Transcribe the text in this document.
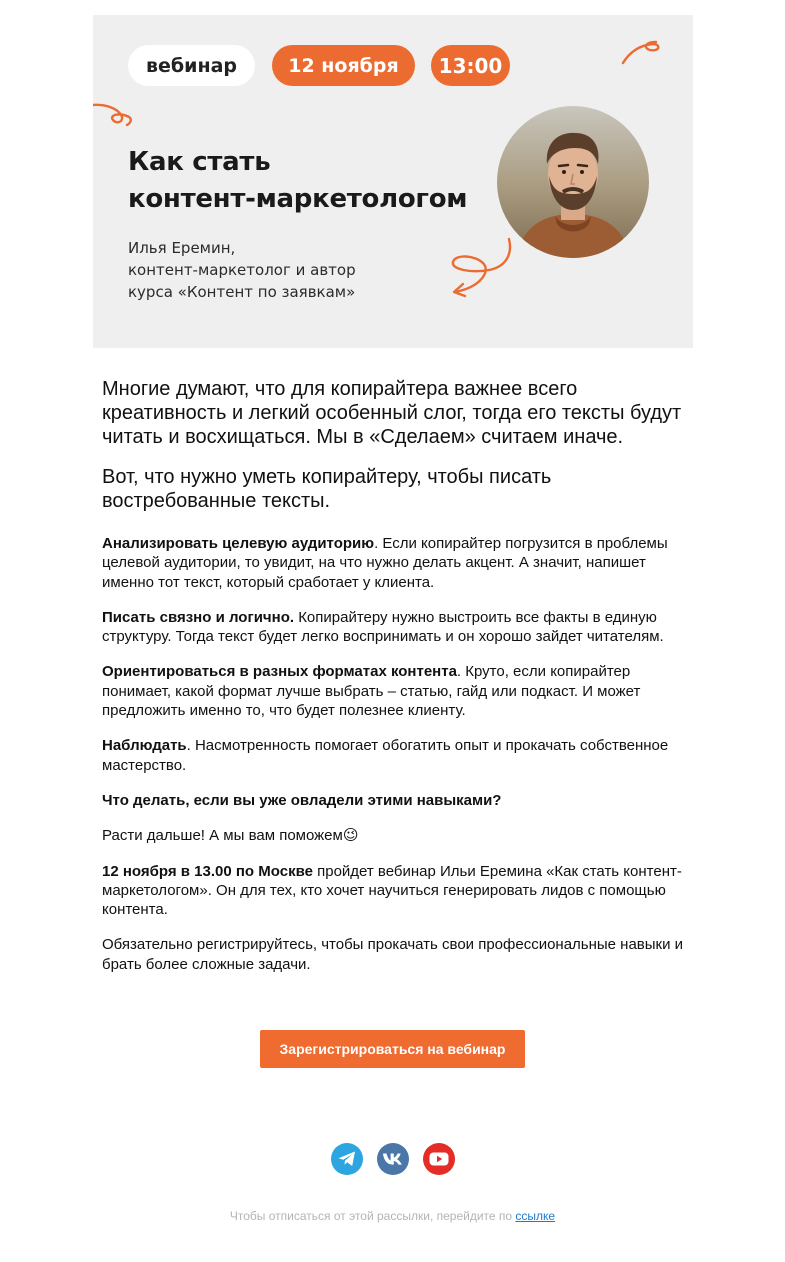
вебинар	12 ноября	13:00
Как стать
контент-маркетологом
Илья Еремин,
контент-маркетолог и автор
курса «Контент по заявкам»

Многие думают, что для копирайтера важнее всего креативность и легкий особенный слог, тогда его тексты будут читать и восхищаться. Мы в «Сделаем» считаем иначе.

Вот, что нужно уметь копирайтеру, чтобы писать востребованные тексты.

Анализировать целевую аудиторию. Если копирайтер погрузится в проблемы целевой аудитории, то увидит, на что нужно делать акцент. А значит, напишет именно тот текст, который сработает у клиента.

Писать связно и логично. Копирайтеру нужно выстроить все факты в единую структуру. Тогда текст будет легко воспринимать и он хорошо зайдет читателям.

Ориентироваться в разных форматах контента. Круто, если копирайтер понимает, какой формат лучше выбрать – статью, гайд или подкаст. И может предложить именно то, что будет полезнее клиенту.

Наблюдать. Насмотренность помогает обогатить опыт и прокачать собственное мастерство.

Что делать, если вы уже овладели этими навыками?

Расти дальше! А мы вам поможем😉

12 ноября в 13.00 по Москве пройдет вебинар Ильи Еремина «Как стать контент-маркетологом». Он для тех, кто хочет научиться генерировать лидов с помощью контента.

Обязательно регистрируйтесь, чтобы прокачать свои профессиональные навыки и брать более сложные задачи.

Зарегистрироваться на вебинар
Чтобы отписаться от этой рассылки, перейдите по ссылке
